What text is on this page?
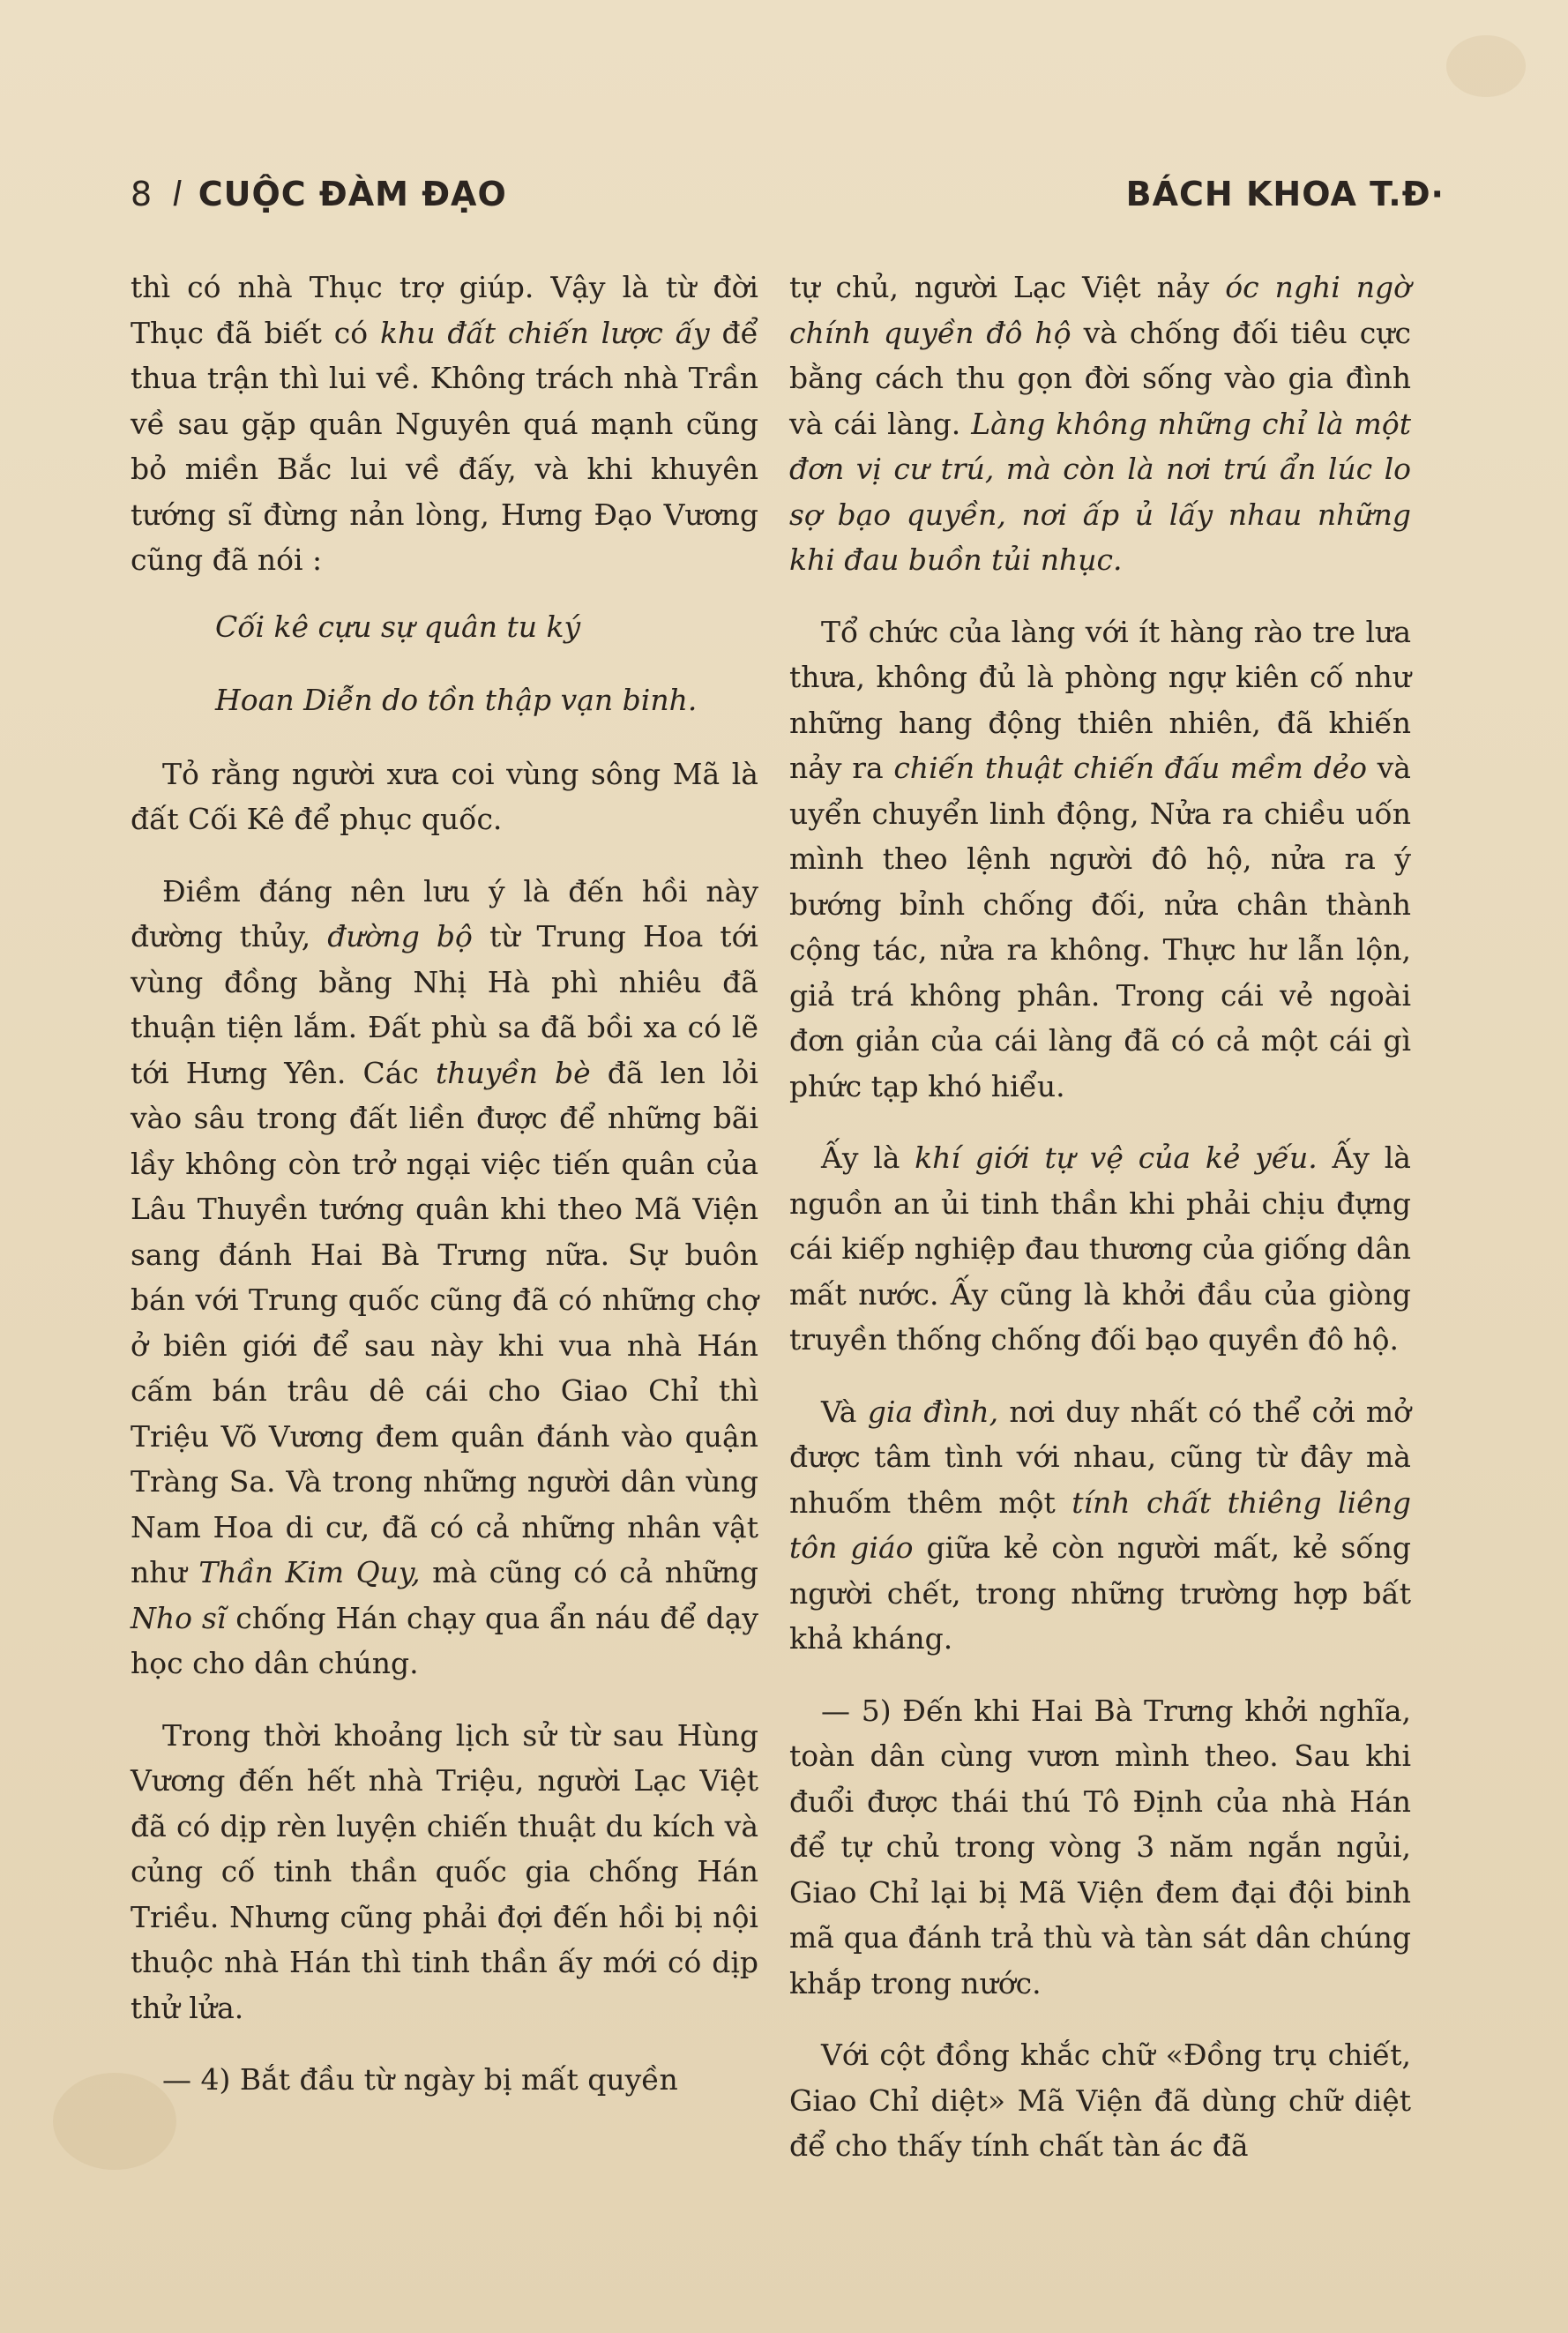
8 l CUỘC ĐÀM ĐẠO	BÁCH KHOA T.Đ·

thì có nhà Thục trợ giúp. Vậy là từ đời Thục đã biết có khu đất chiến lược ấy để thua trận thì lui về. Không trách nhà Trần về sau gặp quân Nguyên quá mạnh cũng bỏ miền Bắc lui về đấy, và khi khuyên tướng sĩ đừng nản lòng, Hưng Đạo Vương cũng đã nói :

Cối kê cựu sự quân tu ký

Hoan Diễn do tồn thập vạn binh.

Tỏ rằng người xưa coi vùng sông Mã là đất Cối Kê để phục quốc.

Điềm đáng nên lưu ý là đến hồi này đường thủy, đường bộ từ Trung Hoa tới vùng đồng bằng Nhị Hà phì nhiêu đã thuận tiện lắm. Đất phù sa đã bồi xa có lẽ tới Hưng Yên. Các thuyền bè đã len lỏi vào sâu trong đất liền được để những bãi lầy không còn trở ngại việc tiến quân của Lâu Thuyền tướng quân khi theo Mã Viện sang đánh Hai Bà Trưng nữa. Sự buôn bán với Trung quốc cũng đã có những chợ ở biên giới để sau này khi vua nhà Hán cấm bán trâu dê cái cho Giao Chỉ thì Triệu Võ Vương đem quân đánh vào quận Tràng Sa. Và trong những người dân vùng Nam Hoa di cư, đã có cả những nhân vật như Thần Kim Quy, mà cũng có cả những Nho sĩ chống Hán chạy qua ẩn náu để dạy học cho dân chúng.

Trong thời khoảng lịch sử từ sau Hùng Vương đến hết nhà Triệu, người Lạc Việt đã có dịp rèn luyện chiến thuật du kích và củng cố tinh thần quốc gia chống Hán Triều. Nhưng cũng phải đợi đến hồi bị nội thuộc nhà Hán thì tinh thần ấy mới có dịp thử lửa.

— 4) Bắt đầu từ ngày bị mất quyền

tự chủ, người Lạc Việt nảy óc nghi ngờ chính quyền đô hộ và chống đối tiêu cực bằng cách thu gọn đời sống vào gia đình và cái làng. Làng không những chỉ là một đơn vị cư trú, mà còn là nơi trú ẩn lúc lo sợ bạo quyền, nơi ấp ủ lấy nhau những khi đau buồn tủi nhục.

Tổ chức của làng với ít hàng rào tre lưa thưa, không đủ là phòng ngự kiên cố như những hang động thiên nhiên, đã khiến nảy ra chiến thuật chiến đấu mềm dẻo và uyển chuyển linh động, Nửa ra chiều uốn mình theo lệnh người đô hộ, nửa ra ý bướng bỉnh chống đối, nửa chân thành cộng tác, nửa ra không. Thực hư lẫn lộn, giả trá không phân. Trong cái vẻ ngoài đơn giản của cái làng đã có cả một cái gì phức tạp khó hiểu.

Ấy là khí giới tự vệ của kẻ yếu. Ấy là nguồn an ủi tinh thần khi phải chịu đựng cái kiếp nghiệp đau thương của giống dân mất nước. Ấy cũng là khởi đầu của giòng truyền thống chống đối bạo quyền đô hộ.

Và gia đình, nơi duy nhất có thể cởi mở được tâm tình với nhau, cũng từ đây mà nhuốm thêm một tính chất thiêng liêng tôn giáo giữa kẻ còn người mất, kẻ sống người chết, trong những trường hợp bất khả kháng.

— 5) Đến khi Hai Bà Trưng khởi nghĩa, toàn dân cùng vươn mình theo. Sau khi đuổi được thái thú Tô Định của nhà Hán để tự chủ trong vòng 3 năm ngắn ngủi, Giao Chỉ lại bị Mã Viện đem đại đội binh mã qua đánh trả thù và tàn sát dân chúng khắp trong nước.

Với cột đồng khắc chữ «Đồng trụ chiết, Giao Chỉ diệt» Mã Viện đã dùng chữ diệt để cho thấy tính chất tàn ác đã
